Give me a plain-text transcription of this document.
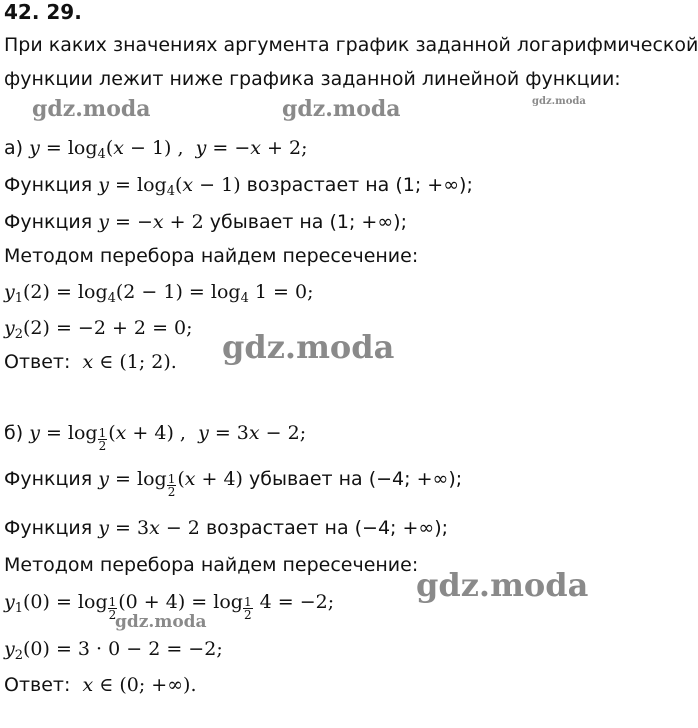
42. 29.
При каких значениях аргумента график заданной логарифмической
функции лежит ниже графика заданной линейной функции:
gdz.moda	gdz.moda	gdz.moda
gdz.moda
gdz.moda
gdz.moda
а) $y = \log_4(x - 1)$ ,  y = −x + 2;
Функция $y = \log_4(x - 1)$ возрастает на (1; +∞);
Функция y = −x + 2 убывает на (1; +∞);
Методом перебора найдем пересечение:
$y_1(2) = \log_4(2 - 1) = \log_4 1 = 0$;
$y_2(2) = -2 + 2 = 0$;
Ответ: x ∈ (1; 2).
б) $y = \log \frac{1}{2} (x + 4)$ ,  y = 3x − 2;
Функция $y = \log \frac{1}{2} (x + 4)$ убывает на (−4; +∞);
Функция y = 3x − 2 возрастает на (−4; +∞);
Методом перебора найдем пересечение:
$y_1(0) = \log \frac{1}{2} (0 + 4) = \log \frac{1}{2} 4 = -2$;
$y_2(0) = 3 \cdot 0 - 2 = -2$;
Ответ: x ∈ (0; +∞).
